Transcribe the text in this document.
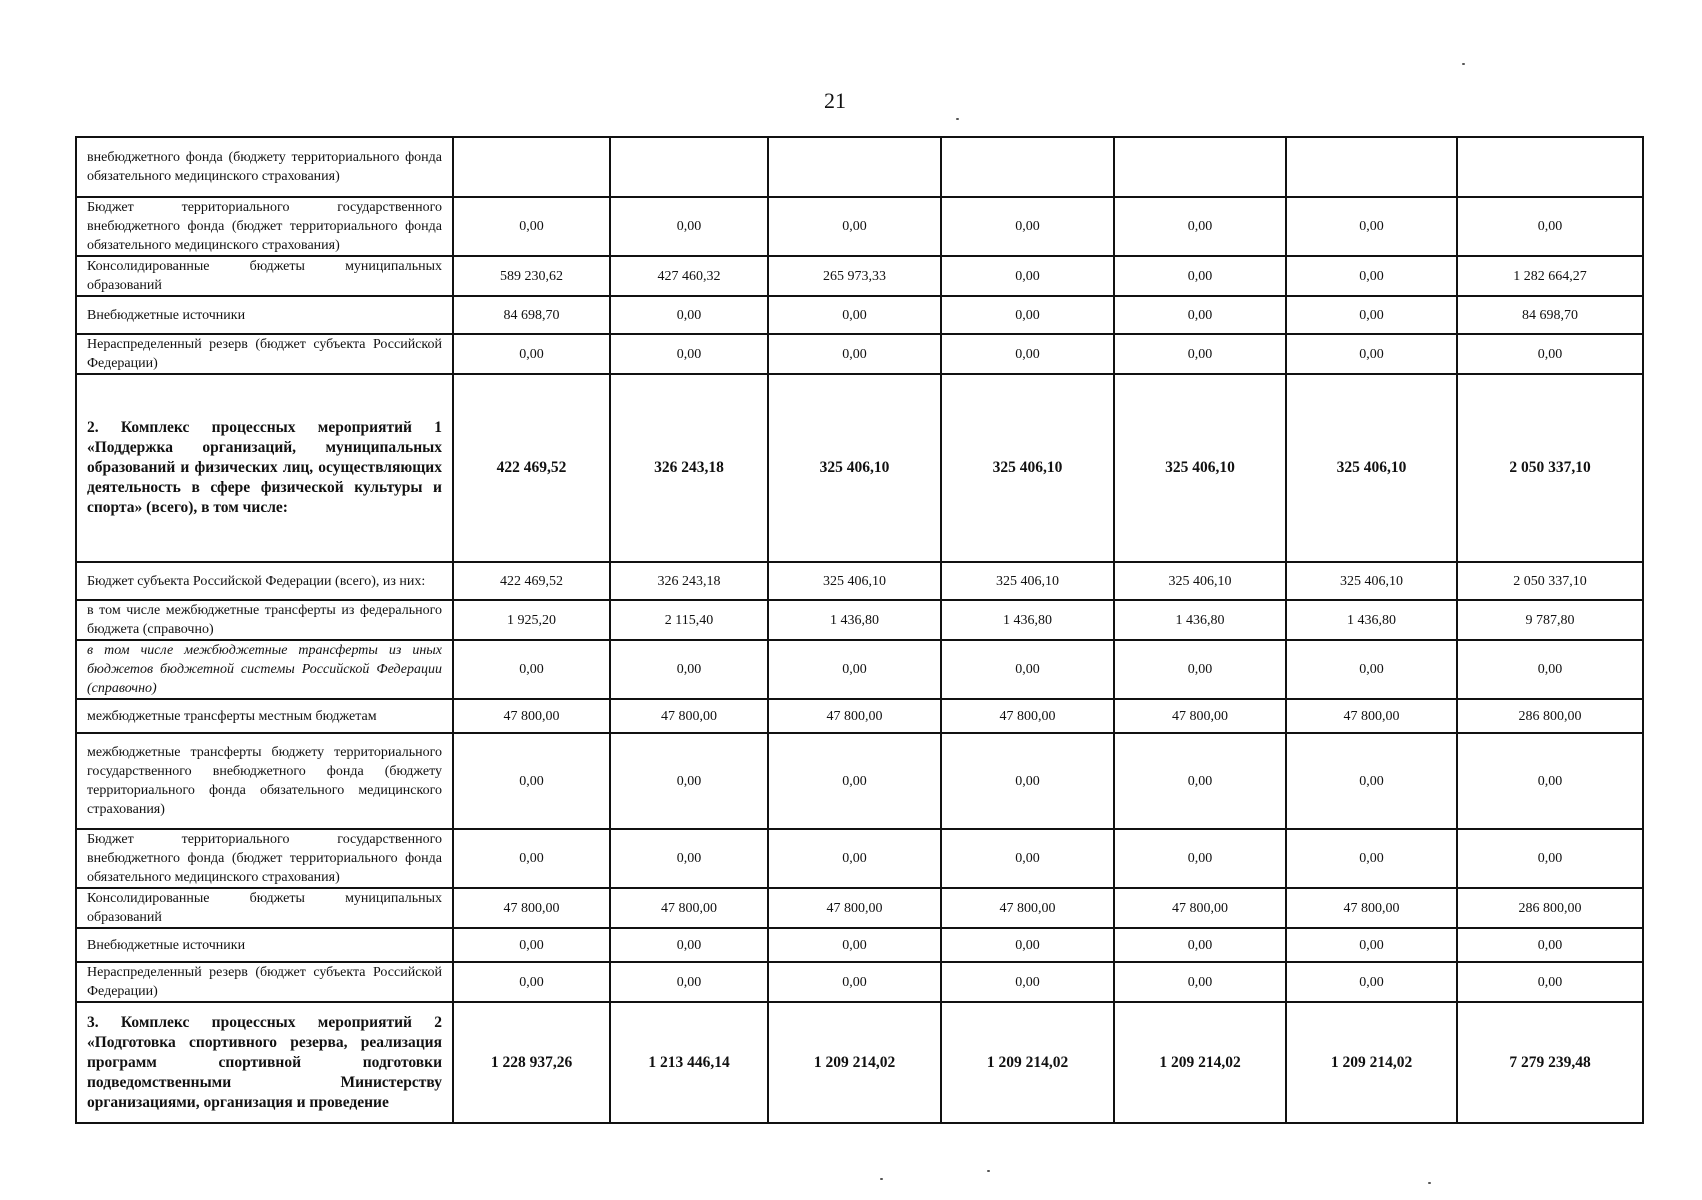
21
внебюджетного фонда (бюджету территориального фонда обязательного медицинского страхования)							
Бюджет территориального государственного внебюджетного фонда (бюджет территориального фонда обязательного медицинского страхования)	0,00	0,00	0,00	0,00	0,00	0,00	0,00
Консолидированные бюджеты муниципальных образований	589 230,62	427 460,32	265 973,33	0,00	0,00	0,00	1 282 664,27
Внебюджетные источники	84 698,70	0,00	0,00	0,00	0,00	0,00	84 698,70
Нераспределенный резерв (бюджет субъекта Российской Федерации)	0,00	0,00	0,00	0,00	0,00	0,00	0,00
2. Комплекс процессных мероприятий 1 «Поддержка организаций, муниципальных образований и физических лиц, осуществляющих деятельность в сфере физической культуры и спорта» (всего), в том числе:	422 469,52	326 243,18	325 406,10	325 406,10	325 406,10	325 406,10	2 050 337,10
Бюджет субъекта Российской Федерации (всего), из них:	422 469,52	326 243,18	325 406,10	325 406,10	325 406,10	325 406,10	2 050 337,10
в том числе межбюджетные трансферты из федерального бюджета (справочно)	1 925,20	2 115,40	1 436,80	1 436,80	1 436,80	1 436,80	9 787,80
в том числе межбюджетные трансферты из иных бюджетов бюджетной системы Российской Федерации (справочно)	0,00	0,00	0,00	0,00	0,00	0,00	0,00
межбюджетные трансферты местным бюджетам	47 800,00	47 800,00	47 800,00	47 800,00	47 800,00	47 800,00	286 800,00
межбюджетные трансферты бюджету территориального государственного внебюджетного фонда (бюджету территориального фонда обязательного медицинского страхования)	0,00	0,00	0,00	0,00	0,00	0,00	0,00
Бюджет территориального государственного внебюджетного фонда (бюджет территориального фонда обязательного медицинского страхования)	0,00	0,00	0,00	0,00	0,00	0,00	0,00
Консолидированные бюджеты муниципальных образований	47 800,00	47 800,00	47 800,00	47 800,00	47 800,00	47 800,00	286 800,00
Внебюджетные источники	0,00	0,00	0,00	0,00	0,00	0,00	0,00
Нераспределенный резерв (бюджет субъекта Российской Федерации)	0,00	0,00	0,00	0,00	0,00	0,00	0,00
3. Комплекс процессных мероприятий 2 «Подготовка спортивного резерва, реализация программ спортивной подготовки подведомственными Министерству организациями, организация и проведение	1 228 937,26	1 213 446,14	1 209 214,02	1 209 214,02	1 209 214,02	1 209 214,02	7 279 239,48
